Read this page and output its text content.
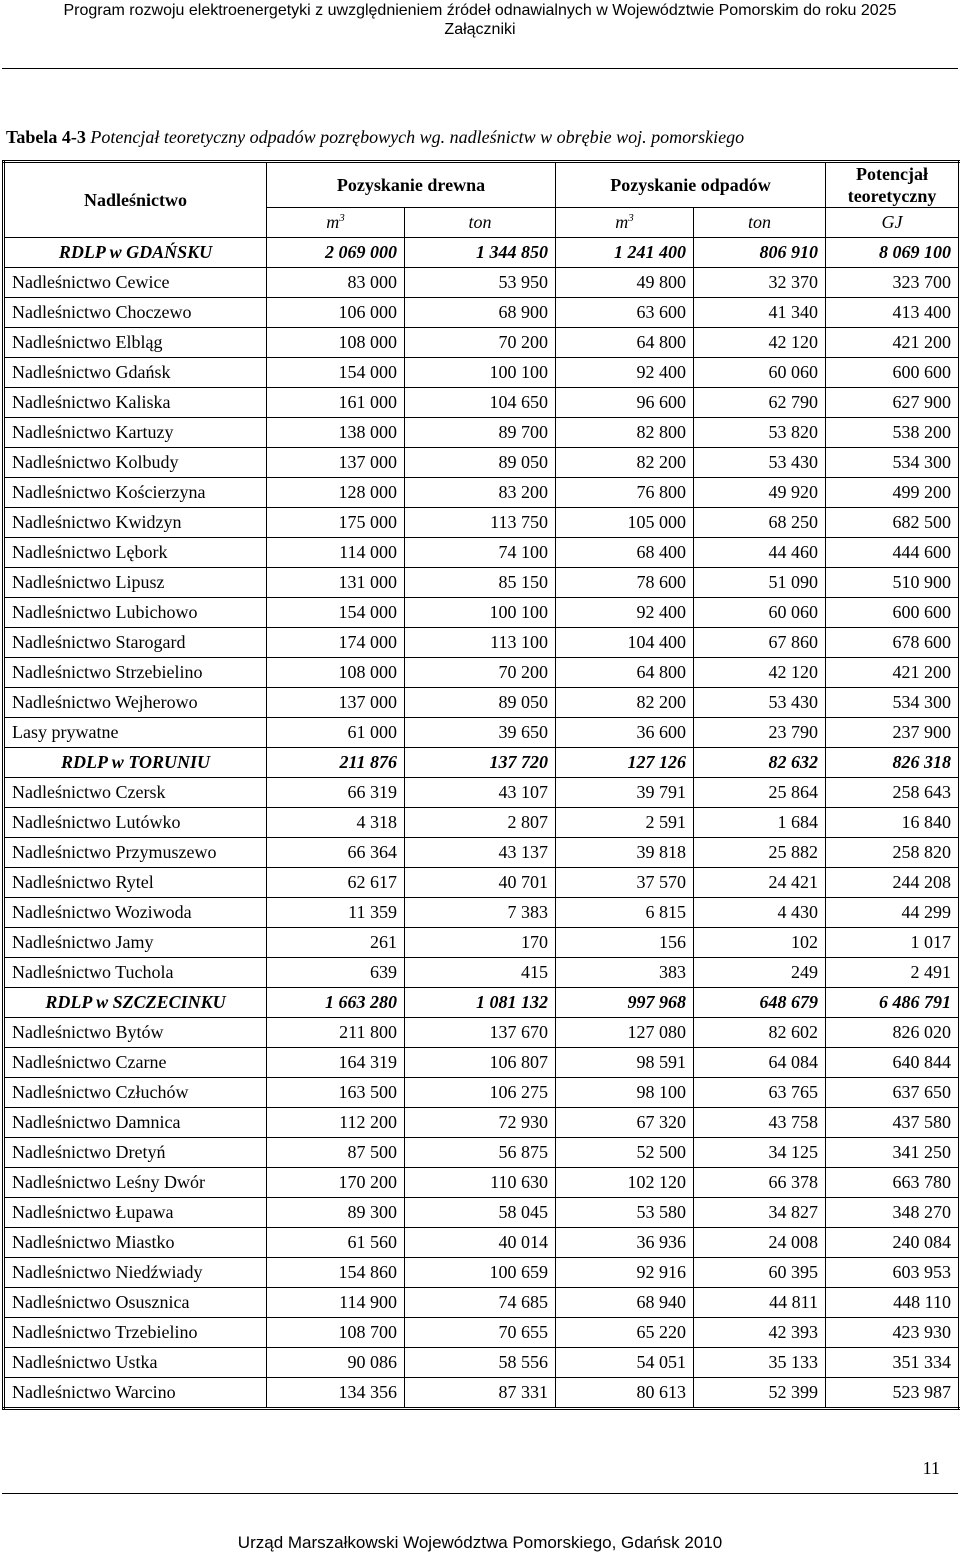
Program rozwoju elektroenergetyki z uwzględnieniem źródeł odnawialnych w Województwie Pomorskim do roku 2025
Załączniki
Tabela 4-3 Potencjał teoretyczny odpadów pozrębowych wg. nadleśnictw w obrębie woj. pomorskiego
Nadleśnictwo	Pozyskanie drewna		Pozyskanie odpadów		Potencjał teoretyczny
	$m^3$	ton	$m^3$	ton	GJ
RDLP w GDAŃSKU	2 069 000	1 344 850	1 241 400	806 910	8 069 100
Nadleśnictwo Cewice	83 000	53 950	49 800	32 370	323 700
Nadleśnictwo Choczewo	106 000	68 900	63 600	41 340	413 400
Nadleśnictwo Elbląg	108 000	70 200	64 800	42 120	421 200
Nadleśnictwo Gdańsk	154 000	100 100	92 400	60 060	600 600
Nadleśnictwo Kaliska	161 000	104 650	96 600	62 790	627 900
Nadleśnictwo Kartuzy	138 000	89 700	82 800	53 820	538 200
Nadleśnictwo Kolbudy	137 000	89 050	82 200	53 430	534 300
Nadleśnictwo Kościerzyna	128 000	83 200	76 800	49 920	499 200
Nadleśnictwo Kwidzyn	175 000	113 750	105 000	68 250	682 500
Nadleśnictwo Lębork	114 000	74 100	68 400	44 460	444 600
Nadleśnictwo Lipusz	131 000	85 150	78 600	51 090	510 900
Nadleśnictwo Lubichowo	154 000	100 100	92 400	60 060	600 600
Nadleśnictwo Starogard	174 000	113 100	104 400	67 860	678 600
Nadleśnictwo Strzebielino	108 000	70 200	64 800	42 120	421 200
Nadleśnictwo Wejherowo	137 000	89 050	82 200	53 430	534 300
Lasy prywatne	61 000	39 650	36 600	23 790	237 900
RDLP w TORUNIU	211 876	137 720	127 126	82 632	826 318
Nadleśnictwo Czersk	66 319	43 107	39 791	25 864	258 643
Nadleśnictwo Lutówko	4 318	2 807	2 591	1 684	16 840
Nadleśnictwo Przymuszewo	66 364	43 137	39 818	25 882	258 820
Nadleśnictwo Rytel	62 617	40 701	37 570	24 421	244 208
Nadleśnictwo Woziwoda	11 359	7 383	6 815	4 430	44 299
Nadleśnictwo Jamy	261	170	156	102	1 017
Nadleśnictwo Tuchola	639	415	383	249	2 491
RDLP w SZCZECINKU	1 663 280	1 081 132	997 968	648 679	6 486 791
Nadleśnictwo Bytów	211 800	137 670	127 080	82 602	826 020
Nadleśnictwo Czarne	164 319	106 807	98 591	64 084	640 844
Nadleśnictwo Człuchów	163 500	106 275	98 100	63 765	637 650
Nadleśnictwo Damnica	112 200	72 930	67 320	43 758	437 580
Nadleśnictwo Dretyń	87 500	56 875	52 500	34 125	341 250
Nadleśnictwo Leśny Dwór	170 200	110 630	102 120	66 378	663 780
Nadleśnictwo Łupawa	89 300	58 045	53 580	34 827	348 270
Nadleśnictwo Miastko	61 560	40 014	36 936	24 008	240 084
Nadleśnictwo Niedźwiady	154 860	100 659	92 916	60 395	603 953
Nadleśnictwo Osusznica	114 900	74 685	68 940	44 811	448 110
Nadleśnictwo Trzebielino	108 700	70 655	65 220	42 393	423 930
Nadleśnictwo Ustka	90 086	58 556	54 051	35 133	351 334
Nadleśnictwo Warcino	134 356	87 331	80 613	52 399	523 987
11
Urząd Marszałkowski Województwa Pomorskiego, Gdańsk 2010
